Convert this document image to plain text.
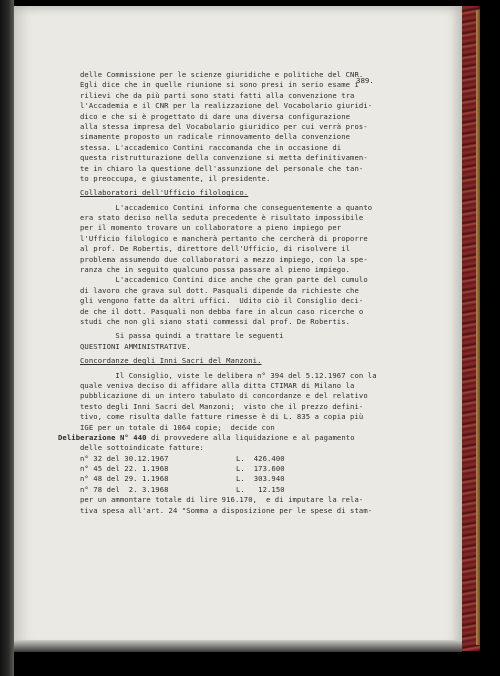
389.
delle Commissione per le scienze giuridiche e politiche del CNR.
Egli dice che in quelle riunione si sono presi in serio esame i
rilievi che da più parti sono stati fatti alla convenzione tra
l'Accademia e il CNR per la realizzazione del Vocabolario giuridi-
dico e che si è progettato di dare una diversa configurazione
alla stessa impresa del Vocabolario giuridico per cui verrà pros-
simamente proposto un radicale rinnovamento della convenzione
stessa. L'accademico Contini raccomanda che in occasione di
questa ristrutturazione della convenzione si metta definitivamen-
te in chiaro la questione dell'assunzione del personale che tan-
to preoccupa, e giustamente, il presidente.
Collaboratori dell'Ufficio filologico.
L'accademico Contini informa che conseguentemente a quanto
era stato deciso nella seduta precedente è risultato impossibile
per il momento trovare un collaboratore a pieno impiego per
l'Ufficio filologico e mancherà pertanto che cercherà di proporre
al prof. De Robertis, direttore dell'Ufficio, di risolvere il
problema assumendo due collaboratori a mezzo impiego, con la spe-
ranza che in seguito qualcuno possa passare al pieno impiego.
L'accademico Contini dice anche che gran parte del cumulo
di lavoro che grava sul dott. Pasquali dipende da richieste che
gli vengono fatte da altri uffici.  Udito ciò il Consiglio deci-
de che il dott. Pasquali non debba fare in alcun caso ricerche o
studi che non gli siano stati commessi dal prof. De Robertis.
Si passa quindi a trattare le seguenti
QUESTIONI AMMINISTRATIVE.
Concordanze degli Inni Sacri del Manzoni.
Il Consiglio, viste le delibera n° 394 del 5.12.1967 con la
quale veniva deciso di affidare alla ditta CTIMAR di Milano la
pubblicazione di un intero tabulato di concordanze e del relativo
testo degli Inni Sacri del Manzoni;  visto che il prezzo defini-
tivo, come risulta dalle fatture rimesse è di L. 835 a copia più
IGE per un totale di 1064 copie;  decide con
Deliberazione N° 440 di provvedere alla liquidazione e al pagamento
delle sottoindicate fatture:
n° 32 del 30.12.1967	L.  426.400
n° 45 del 22. 1.1968	L.  173.600
n° 48 del 29. 1.1968	L.  303.940
n° 78 del  2. 3.1968	L.   12.150
per un ammontare totale di lire 916.170,  e di imputare la rela-
tiva spesa all'art. 24 "Somma a disposizione per le spese di stam-
